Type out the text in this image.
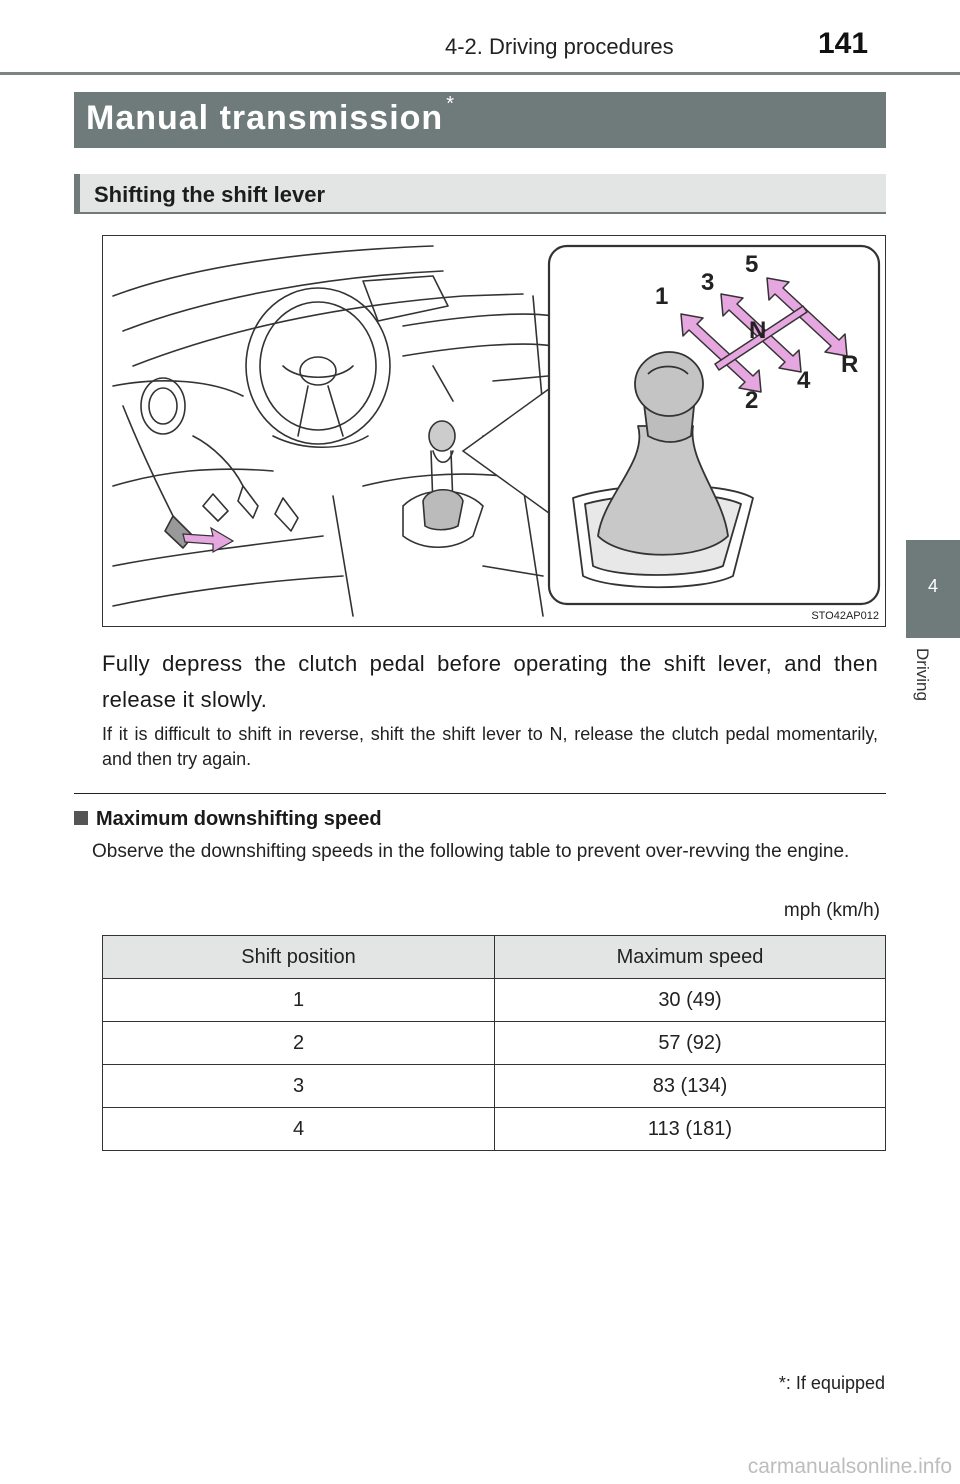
4-2. Driving procedures	141
4
Driving
Manual transmission *
Shifting the shift lever
1
3
5
N
R
4
2
STO42AP012
Fully depress the clutch pedal before operating the shift lever, and then release it slowly.
If it is difficult to shift in reverse, shift the shift lever to N, release the clutch pedal momentarily, and then try again.
Maximum downshifting speed
Observe the downshifting speeds in the following table to prevent over-revving the engine.
mph (km/h)
Shift position	Maximum speed
1	30 (49)
2	57 (92)
3	83 (134)
4	113 (181)
*: If equipped
carmanualsonline.info
